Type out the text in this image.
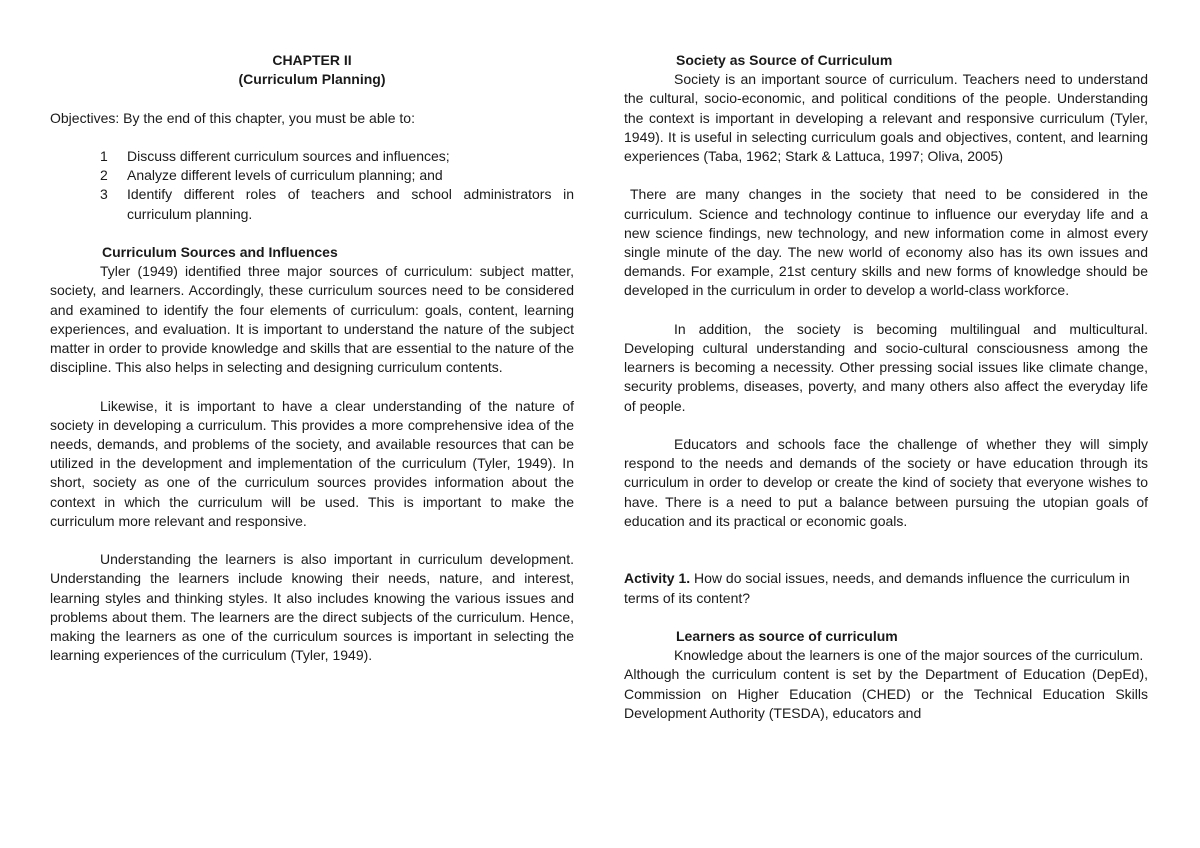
CHAPTER II

(Curriculum Planning)

Objectives: By the end of this chapter, you must be able to:

1 Discuss different curriculum sources and influences;
2 Analyze different levels of curriculum planning; and
3 Identify different roles of teachers and school administrators in curriculum planning.

Curriculum Sources and Influences

Tyler (1949) identified three major sources of curriculum: subject matter, society, and learners. Accordingly, these curriculum sources need to be considered and examined to identify the four elements of curriculum: goals, content, learning experiences, and evaluation. It is important to understand the nature of the subject matter in order to provide knowledge and skills that are essential to the nature of the discipline. This also helps in selecting and designing curriculum contents.

Likewise, it is important to have a clear understanding of the nature of society in developing a curriculum. This provides a more comprehensive idea of the needs, demands, and problems of the society, and available resources that can be utilized in the development and implementation of the curriculum (Tyler, 1949). In short, society as one of the curriculum sources provides information about the context in which the curriculum will be used. This is important to make the curriculum more relevant and responsive.

Understanding the learners is also important in curriculum development. Understanding the learners include knowing their needs, nature, and interest, learning styles and thinking styles. It also includes knowing the various issues and problems about them. The learners are the direct subjects of the curriculum. Hence, making the learners as one of the curriculum sources is important in selecting the learning experiences of the curriculum (Tyler, 1949).

Society as Source of Curriculum

Society is an important source of curriculum. Teachers need to understand the cultural, socio-economic, and political conditions of the people. Understanding the context is important in developing a relevant and responsive curriculum (Tyler, 1949). It is useful in selecting curriculum goals and objectives, content, and learning experiences (Taba, 1962; Stark & Lattuca, 1997; Oliva, 2005)

There are many changes in the society that need to be considered in the curriculum. Science and technology continue to influence our everyday life and a new science findings, new technology, and new information come in almost every single minute of the day. The new world of economy also has its own issues and demands. For example, 21st century skills and new forms of knowledge should be developed in the curriculum in order to develop a world-class workforce.

In addition, the society is becoming multilingual and multicultural. Developing cultural understanding and socio-cultural consciousness among the learners is becoming a necessity. Other pressing social issues like climate change, security problems, diseases, poverty, and many others also affect the everyday life of people.

Educators and schools face the challenge of whether they will simply respond to the needs and demands of the society or have education through its curriculum in order to develop or create the kind of society that everyone wishes to have. There is a need to put a balance between pursuing the utopian goals of education and its practical or economic goals.

Activity 1. How do social issues, needs, and demands influence the curriculum in terms of its content?

Learners as source of curriculum

Knowledge about the learners is one of the major sources of the curriculum.

Although the curriculum content is set by the Department of Education (DepEd), Commission on Higher Education (CHED) or the Technical Education Skills Development Authority (TESDA), educators and
